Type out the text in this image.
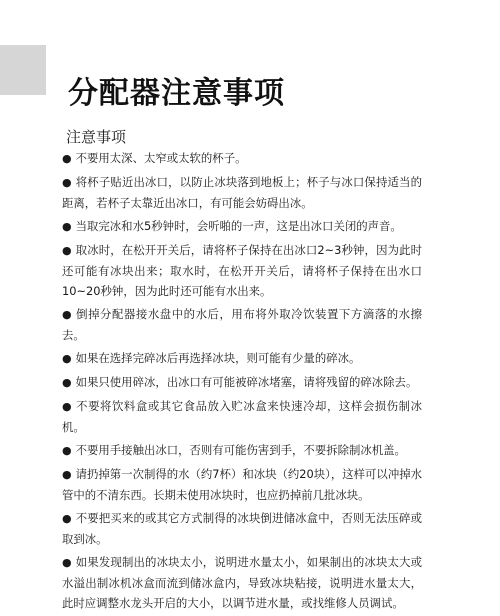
分配器注意事项
注意事项
● 不要用太深、太窄或太软的杯子。
● 将杯子贴近出冰口，以防止冰块落到地板上；杯子与冰口保持适当的距离，若杯子太靠近出冰口，有可能会妨碍出冰。
● 当取完冰和水5秒钟时，会听啪的一声，这是出冰口关闭的声音。
● 取冰时，在松开开关后，请将杯子保持在出冰口2~3秒钟，因为此时还可能有冰块出来；取水时，在松开开关后，请将杯子保持在出水口10~20秒钟，因为此时还可能有水出来。
● 倒掉分配器接水盘中的水后，用布将外取冷饮装置下方滴落的水擦去。
● 如果在选择完碎冰后再选择冰块，则可能有少量的碎冰。
● 如果只使用碎冰，出冰口有可能被碎冰堵塞，请将残留的碎冰除去。
● 不要将饮料盒或其它食品放入贮冰盒来快速冷却，这样会损伤制冰机。
● 不要用手接触出冰口，否则有可能伤害到手，不要拆除制冰机盖。
● 请扔掉第一次制得的水（约7杯）和冰块（约20块），这样可以冲掉水管中的不清东西。长期未使用冰块时，也应扔掉前几批冰块。
● 不要把买来的或其它方式制得的冰块倒进储冰盒中，否则无法压碎或取到冰。
● 如果发现制出的冰块太小，说明进水量太小，如果制出的冰块太大或水溢出制冰机冰盒而流到储冰盒内，导致冰块粘接，说明进水量太大，此时应调整水龙头开启的大小，以调节进水量，或找维修人员调试。
